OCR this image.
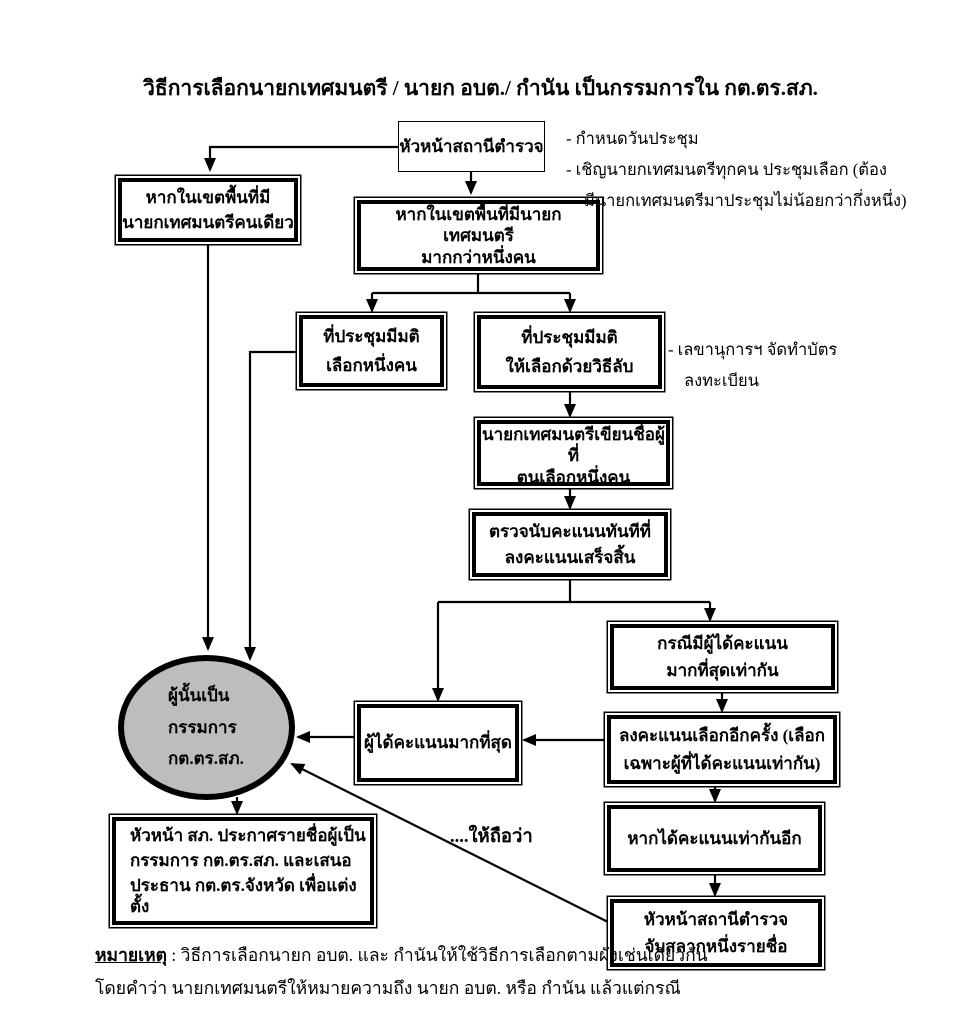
วิธีการเลือกนายกเทศมนตรี / นายก อบต./ กำนัน เป็นกรรมการใน กต.ตร.สภ.
หัวหน้าสถานีตำรวจ
หากในเขตพื้นที่มี
นายกเทศมนตรีคนเดียว	หากในเขตพื้นที่มีนายกเทศมนตรี
มากกว่าหนึ่งคน
ที่ประชุมมีมติ
เลือกหนึ่งคน
ที่ประชุมมีมติ
ให้เลือกด้วยวิธีลับ
นายกเทศมนตรีเขียนชื่อผู้ที่
ตนเลือกหนึ่งคน
ตรวจนับคะแนนทันทีที่
ลงคะแนนเสร็จสิ้น
กรณีมีผู้ได้คะแนน
มากที่สุดเท่ากัน
ลงคะแนนเลือกอีกครั้ง (เลือก
เฉพาะผู้ที่ได้คะแนนเท่ากัน)
ผู้ได้คะแนนมากที่สุด
ผู้นั้นเป็น
กรรมการ
กต.ตร.สภ.
หากได้คะแนนเท่ากันอีก
หัวหน้าสถานีตำรวจ
จับสลากหนึ่งรายชื่อ
หัวหน้า สภ. ประกาศรายชื่อผู้เป็น
กรรมการ กต.ตร.สภ. และเสนอ
ประธาน กต.ตร.จังหวัด เพื่อแต่งตั้ง
- กำหนดวันประชุม
- เชิญนายกเทศมนตรีทุกคน ประชุมเลือก (ต้อง
มีนายกเทศมนตรีมาประชุมไม่น้อยกว่ากึ่งหนึ่ง)
- เลขานุการฯ จัดทำบัตร
ลงทะเบียน
....ให้ถือว่า
หมายเหตุ : วิธีการเลือกนายก อบต. และ กำนันให้ใช้วิธีการเลือกตามผังเช่นเดียวกัน
โดยคำว่า นายกเทศมนตรีให้หมายความถึง นายก อบต. หรือ กำนัน แล้วแต่กรณี
